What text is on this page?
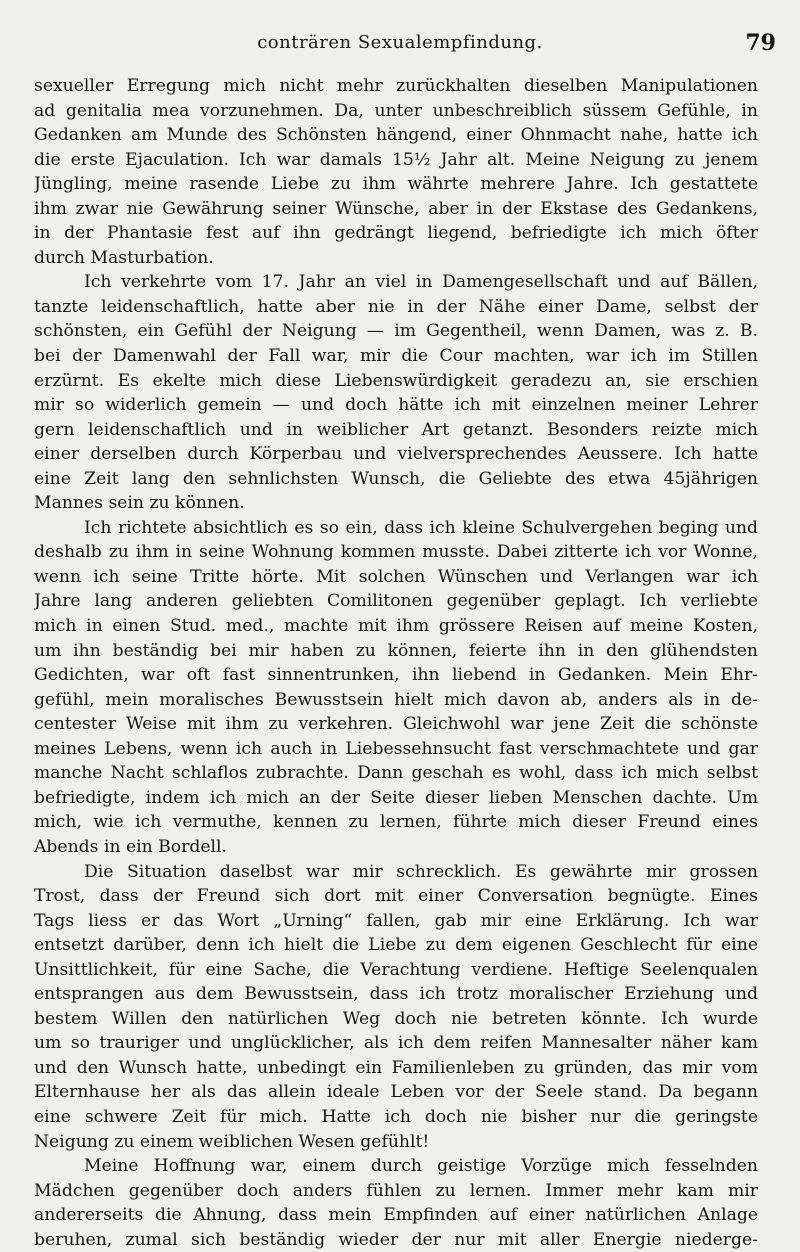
conträren Sexualempfindung.	79
sexueller Erregung mich nicht mehr zurückhalten dieselben Manipulationen
ad genitalia mea vorzunehmen. Da, unter unbeschreiblich süssem Gefühle, in
Gedanken am Munde des Schönsten hängend, einer Ohnmacht nahe, hatte ich
die erste Ejaculation. Ich war damals 15½ Jahr alt. Meine Neigung zu jenem
Jüngling, meine rasende Liebe zu ihm währte mehrere Jahre. Ich gestattete
ihm zwar nie Gewährung seiner Wünsche, aber in der Ekstase des Gedankens,
in der Phantasie fest auf ihn gedrängt liegend, befriedigte ich mich öfter
durch Masturbation.
Ich verkehrte vom 17. Jahr an viel in Damengesellschaft und auf Bällen,
tanzte leidenschaftlich, hatte aber nie in der Nähe einer Dame, selbst der
schönsten, ein Gefühl der Neigung — im Gegentheil, wenn Damen, was z. B.
bei der Damenwahl der Fall war, mir die Cour machten, war ich im Stillen
erzürnt. Es ekelte mich diese Liebenswürdigkeit geradezu an, sie erschien
mir so widerlich gemein — und doch hätte ich mit einzelnen meiner Lehrer
gern leidenschaftlich und in weiblicher Art getanzt. Besonders reizte mich
einer derselben durch Körperbau und vielversprechendes Aeussere. Ich hatte
eine Zeit lang den sehnlichsten Wunsch, die Geliebte des etwa 45jährigen
Mannes sein zu können.
Ich richtete absichtlich es so ein, dass ich kleine Schulvergehen beging und
deshalb zu ihm in seine Wohnung kommen musste. Dabei zitterte ich vor Wonne,
wenn ich seine Tritte hörte. Mit solchen Wünschen und Verlangen war ich
Jahre lang anderen geliebten Comilitonen gegenüber geplagt. Ich verliebte
mich in einen Stud. med., machte mit ihm grössere Reisen auf meine Kosten,
um ihn beständig bei mir haben zu können, feierte ihn in den glühendsten
Gedichten, war oft fast sinnentrunken, ihn liebend in Gedanken. Mein Ehr-
gefühl, mein moralisches Bewusstsein hielt mich davon ab, anders als in de-
centester Weise mit ihm zu verkehren. Gleichwohl war jene Zeit die schönste
meines Lebens, wenn ich auch in Liebessehnsucht fast verschmachtete und gar
manche Nacht schlaflos zubrachte. Dann geschah es wohl, dass ich mich selbst
befriedigte, indem ich mich an der Seite dieser lieben Menschen dachte. Um
mich, wie ich vermuthe, kennen zu lernen, führte mich dieser Freund eines
Abends in ein Bordell.
Die Situation daselbst war mir schrecklich. Es gewährte mir grossen
Trost, dass der Freund sich dort mit einer Conversation begnügte. Eines
Tags liess er das Wort „Urning“ fallen, gab mir eine Erklärung. Ich war
entsetzt darüber, denn ich hielt die Liebe zu dem eigenen Geschlecht für eine
Unsittlichkeit, für eine Sache, die Verachtung verdiene. Heftige Seelenqualen
entsprangen aus dem Bewusstsein, dass ich trotz moralischer Erziehung und
bestem Willen den natürlichen Weg doch nie betreten könnte. Ich wurde
um so trauriger und unglücklicher, als ich dem reifen Mannesalter näher kam
und den Wunsch hatte, unbedingt ein Familienleben zu gründen, das mir vom
Elternhause her als das allein ideale Leben vor der Seele stand. Da begann
eine schwere Zeit für mich. Hatte ich doch nie bisher nur die geringste
Neigung zu einem weiblichen Wesen gefühlt!
Meine Hoffnung war, einem durch geistige Vorzüge mich fesselnden
Mädchen gegenüber doch anders fühlen zu lernen. Immer mehr kam mir
andererseits die Ahnung, dass mein Empfinden auf einer natürlichen Anlage
beruhen, zumal sich beständig wieder der nur mit aller Energie niederge-
